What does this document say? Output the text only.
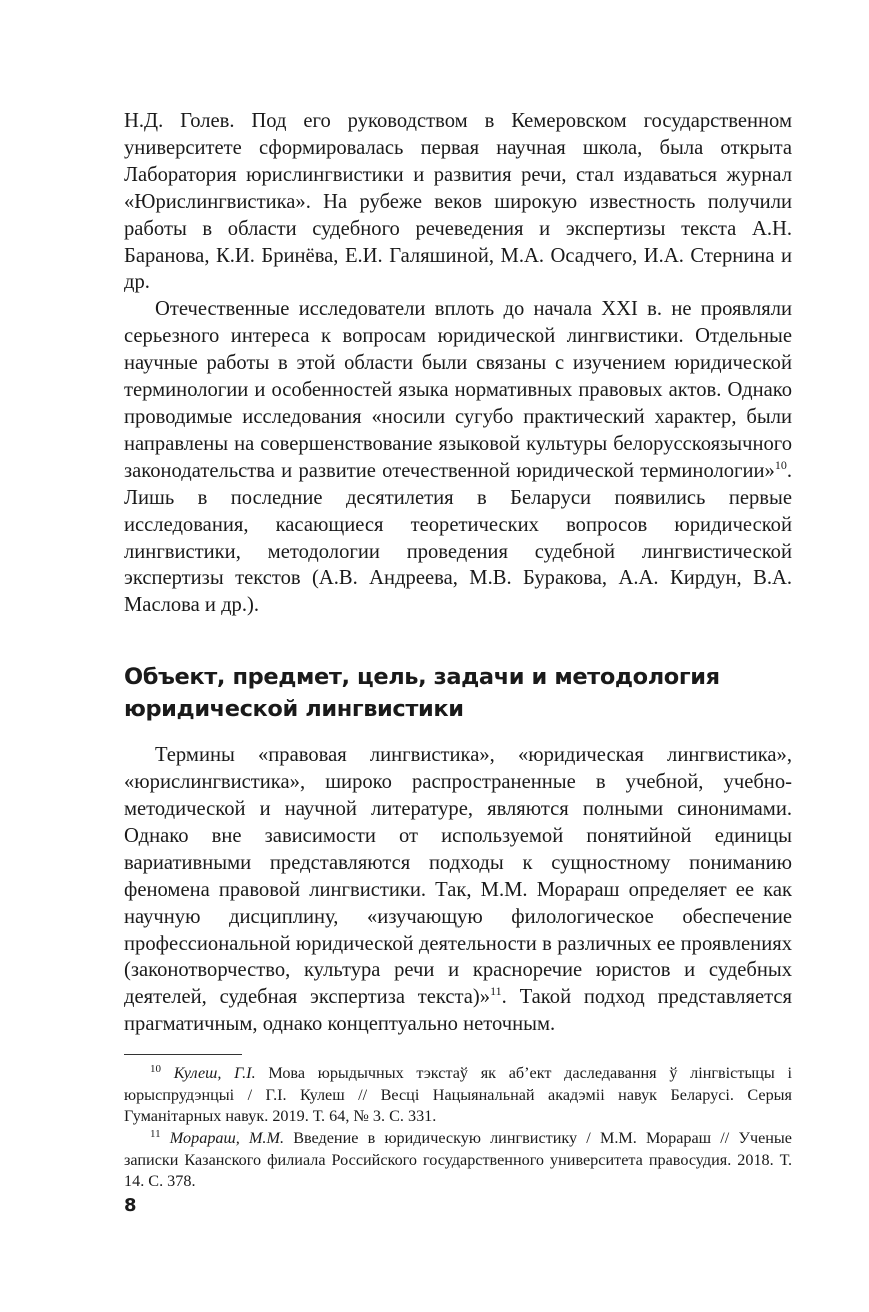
Н.Д. Голев. Под его руководством в Кемеровском государственном университете сформировалась первая научная школа, была открыта Лаборатория юрислингвистики и развития речи, стал издаваться журнал «Юрислингвистика». На рубеже веков широкую известность получили работы в области судебного речеведения и экспертизы текста А.Н. Баранова, К.И. Бринёва, Е.И. Галяшиной, М.А. Осадчего, И.А. Стернина и др.

Отечественные исследователи вплоть до начала XXI в. не проявляли серьезного интереса к вопросам юридической лингвистики. Отдельные научные работы в этой области были связаны с изучением юридической терминологии и особенностей языка нормативных правовых актов. Однако проводимые исследования «носили сугубо практический характер, были направлены на совершенствование языковой культуры белорусскоязычного законодательства и развитие отечественной юридической терминологии»$^{10}$. Лишь в последние десятилетия в Беларуси появились первые исследования, касающиеся теоретических вопросов юридической лингвистики, методологии проведения судебной лингвистической экспертизы текстов (А.В. Андреева, М.В. Буракова, А.А. Кирдун, В.А. Маслова и др.).

Объект, предмет, цель, задачи и методология
юридической лингвистики

Термины «правовая лингвистика», «юридическая лингвистика», «юрислингвистика», широко распространенные в учебной, учебно-методической и научной литературе, являются полными синонимами. Однако вне зависимости от используемой понятийной единицы вариативными представляются подходы к сущностному пониманию феномена правовой лингвистики. Так, М.М. Морараш определяет ее как научную дисциплину, «изучающую филологическое обеспечение профессиональной юридической деятельности в различных ее проявлениях (законотворчество, культура речи и красноречие юристов и судебных деятелей, судебная экспертиза текста)»$^{11}$. Такой подход представляется прагматичным, однако концептуально неточным.

$^{10}$ Кулеш, Г.І. Мова юрыдычных тэкстаў як аб’ект даследавання ў лінгвістыцы і юрыспрудэнцыі / Г.І. Кулеш // Весці Нацыянальнай акадэміі навук Беларусі. Серыя Гуманітарных навук. 2019. Т. 64, № 3. С. 331.

$^{11}$ Морараш, М.М. Введение в юридическую лингвистику / М.М. Морараш // Ученые записки Казанского филиала Российского государственного университета правосудия. 2018. Т. 14. С. 378.

8
